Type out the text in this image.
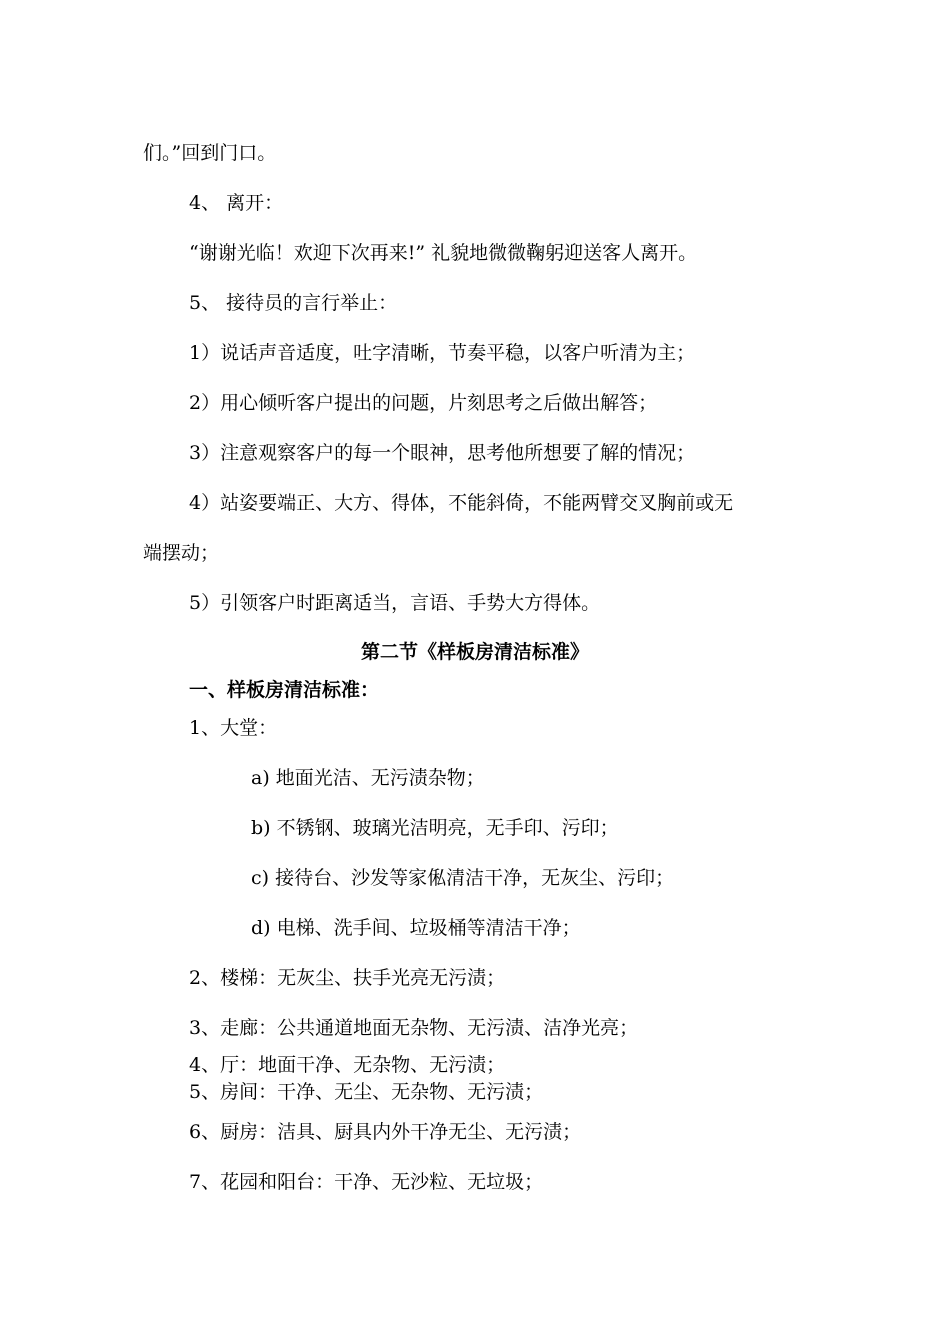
们。”回到门口。
4、 离开：
“谢谢光临！欢迎下次再来!” 礼貌地微微鞠躬迎送客人离开。
5、 接待员的言行举止：
1）说话声音适度，吐字清晰，节奏平稳，以客户听清为主；
2）用心倾听客户提出的问题，片刻思考之后做出解答；
3）注意观察客户的每一个眼神，思考他所想要了解的情况；
4）站姿要端正、大方、得体，不能斜倚，不能两臂交叉胸前或无
端摆动；
5）引领客户时距离适当，言语、手势大方得体。
第二节《样板房清洁标准》
一、样板房清洁标准：
1、大堂：
a) 地面光洁、无污渍杂物；
b) 不锈钢、玻璃光洁明亮，无手印、污印；
c) 接待台、沙发等家俬清洁干净，无灰尘、污印；
d) 电梯、洗手间、垃圾桶等清洁干净；
2、楼梯：无灰尘、扶手光亮无污渍；
3、走廊：公共通道地面无杂物、无污渍、洁净光亮；
4、厅：地面干净、无杂物、无污渍；
5、房间：干净、无尘、无杂物、无污渍；
6、厨房：洁具、厨具内外干净无尘、无污渍；
7、花园和阳台：干净、无沙粒、无垃圾；
